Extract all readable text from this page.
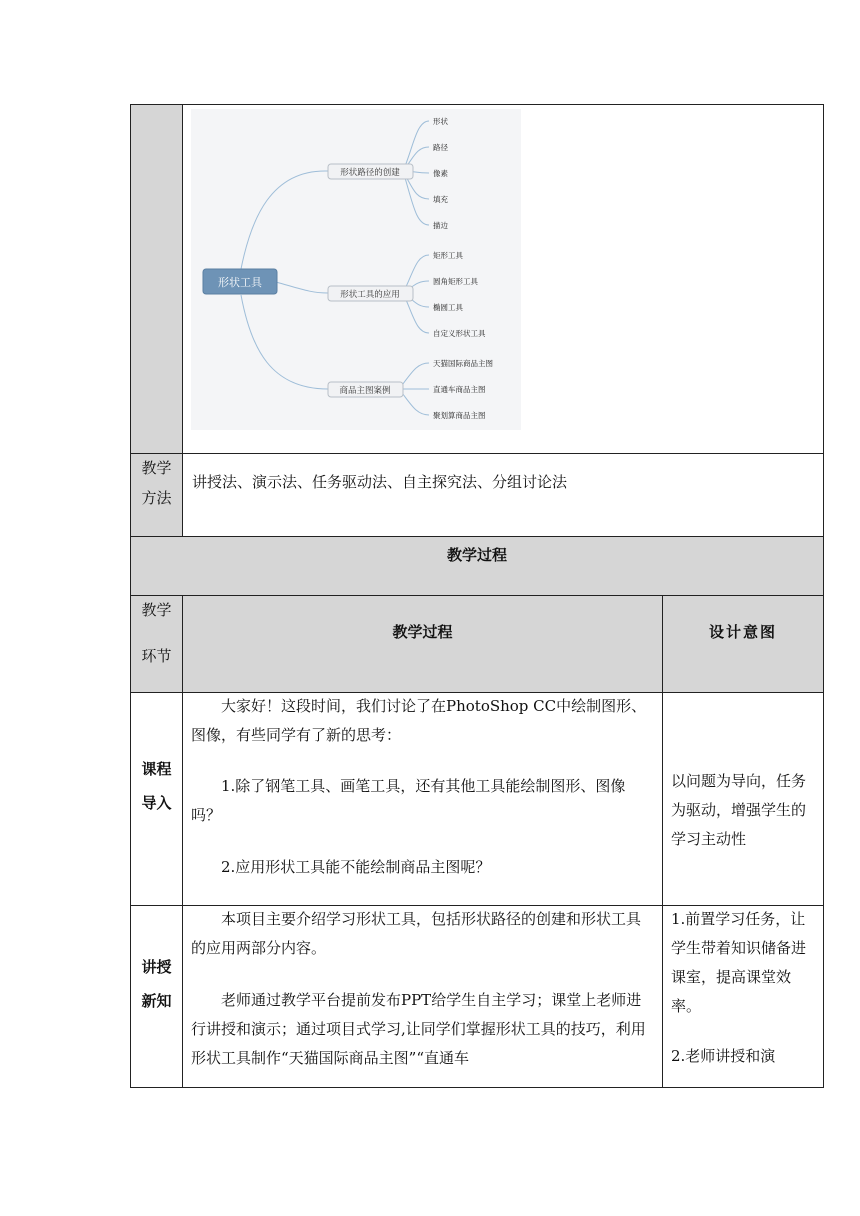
形状工具
形状路径的创建
形状工具的应用
商品主图案例
形状
路径
像素
填充
描边
矩形工具
圆角矩形工具
椭圆工具
自定义形状工具
天猫国际商品主图
直通车商品主图
聚划算商品主图
教学
方法
讲授法、演示法、任务驱动法、自主探究法、分组讨论法
教学过程
教学
环节
教学过程	设计意图
课程
导入

大家好！这段时间，我们讨论了在PhotoShop CC中绘制图形、图像，有些同学有了新的思考：

1.除了钢笔工具、画笔工具，还有其他工具能绘制图形、图像吗？

2.应用形状工具能不能绘制商品主图呢？

以问题为导向，任务为驱动，增强学生的学习主动性

讲授
新知

本项目主要介绍学习形状工具，包括形状路径的创建和形状工具的应用两部分内容。

老师通过教学平台提前发布PPT给学生自主学习；课堂上老师进行讲授和演示；通过项目式学习,让同学们掌握形状工具的技巧，利用形状工具制作“天猫国际商品主图”“直通车

1.前置学习任务，让学生带着知识储备进课室，提高课堂效率。

2.老师讲授和演
